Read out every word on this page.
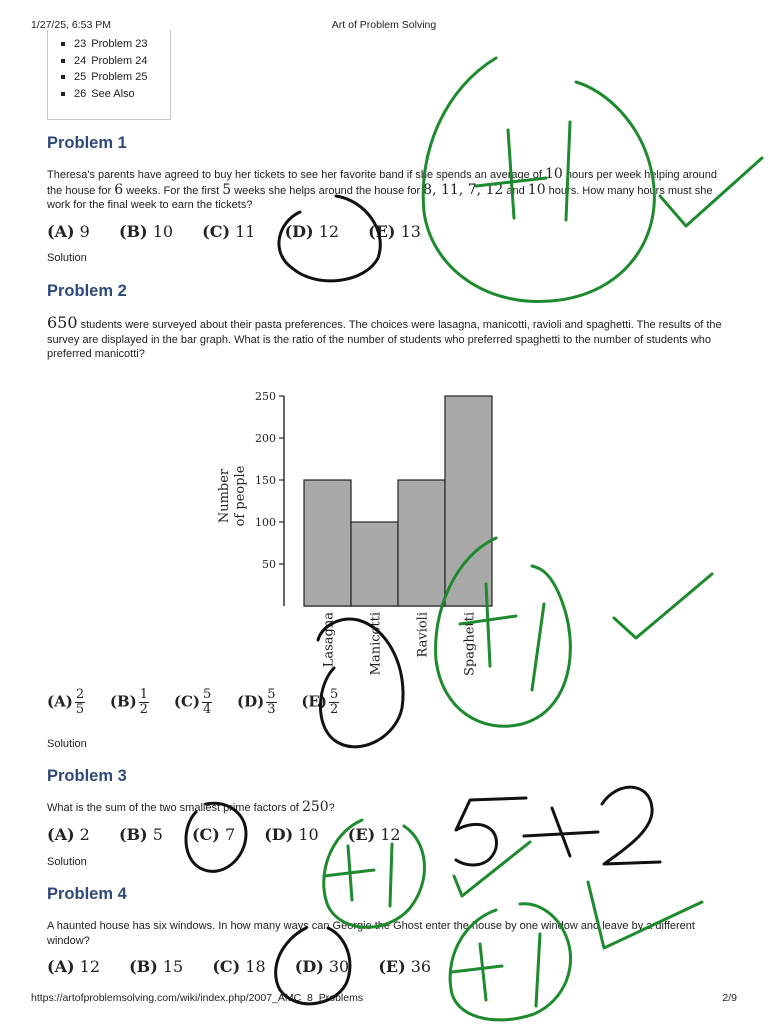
1/27/25, 6:53 PM	Art of Problem Solving
23 Problem 23
24 Problem 24
25 Problem 25
26 See Also
Problem 1

Theresa's parents have agreed to buy her tickets to see her favorite band if she spends an average of 10 hours per week helping around the house for 6 weeks. For the first 5 weeks she helps around the house for 8, 11, 7, 12 and 10 hours. How many hours must she work for the final week to earn the tickets?

(A) 9 (B) 10 (C) 11 (D) 12 (E) 13
Solution
Problem 2

650 students were surveyed about their pasta preferences. The choices were lasagna, manicotti, ravioli and spaghetti. The results of the survey are displayed in the bar graph. What is the ratio of the number of students who preferred spaghetti to the number of students who preferred manicotti?

50
100
150
200
250
Lasagna Manicotti Ravioli Spaghetti
Number of people
$(A) \frac{2}{5} (B) \frac{1}{2} (C) \frac{5}{4} (D) \frac{5}{3} (E) \frac{5}{2}$
Solution
Problem 3

What is the sum of the two smallest prime factors of 250?

(A) 2 (B) 5 (C) 7 (D) 10 (E) 12
Solution
Problem 4

A haunted house has six windows. In how many ways can Georgie the Ghost enter the house by one window and leave by a different window?

(A) 12 (B) 15 (C) 18 (D) 30 (E) 36
https://artofproblemsolving.com/wiki/index.php/2007_AMC_8_Problems	2/9
